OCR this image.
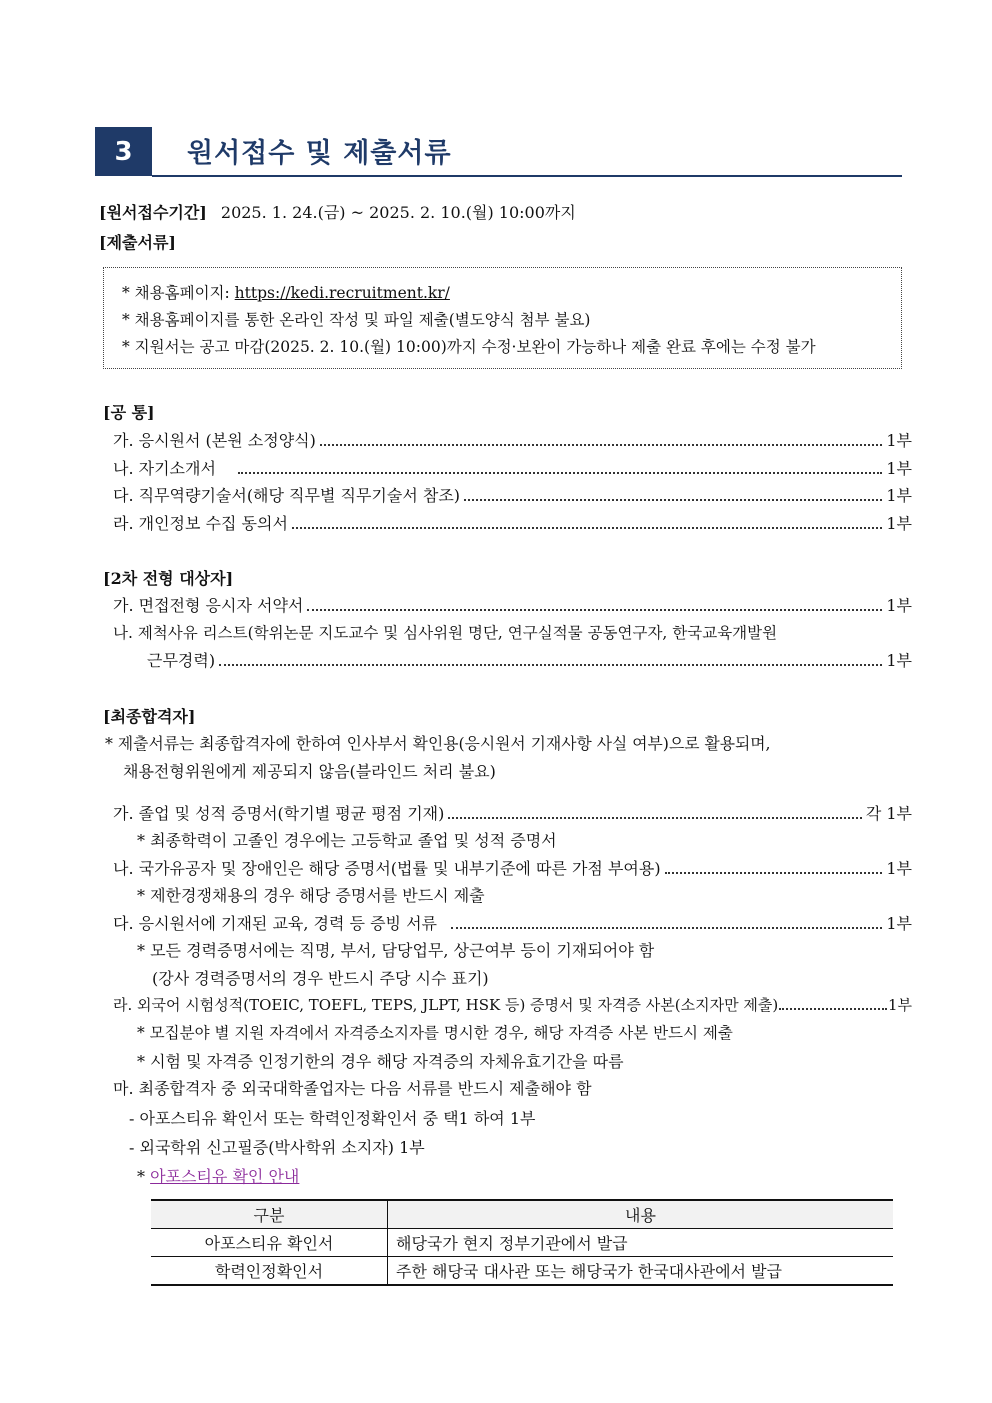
3	원서접수 및 제출서류
[원서접수기간] 2025. 1. 24.(금) ~ 2025. 2. 10.(월) 10:00까지
[제출서류]
* 채용홈페이지: https://kedi.recruitment.kr/
* 채용홈페이지를 통한 온라인 작성 및 파일 제출(별도양식 첨부 불요)
* 지원서는 공고 마감(2025. 2. 10.(월) 10:00)까지 수정·보완이 가능하나 제출 완료 후에는 수정 불가
[공 통]
가. 응시원서 (본원 소정양식)	1부
나. 자기소개서	1부
다. 직무역량기술서(해당 직무별 직무기술서 참조)	1부
라. 개인정보 수집 동의서	1부
[2차 전형 대상자]
가. 면접전형 응시자 서약서	1부
나. 제척사유 리스트(학위논문 지도교수 및 심사위원 명단, 연구실적물 공동연구자, 한국교육개발원
근무경력)	1부
[최종합격자]
* 제출서류는 최종합격자에 한하여 인사부서 확인용(응시원서 기재사항 사실 여부)으로 활용되며,
채용전형위원에게 제공되지 않음(블라인드 처리 불요)
가. 졸업 및 성적 증명서(학기별 평균 평점 기재)	각 1부
* 최종학력이 고졸인 경우에는 고등학교 졸업 및 성적 증명서
나. 국가유공자 및 장애인은 해당 증명서(법률 및 내부기준에 따른 가점 부여용)	1부
* 제한경쟁채용의 경우 해당 증명서를 반드시 제출
다. 응시원서에 기재된 교육, 경력 등 증빙 서류	1부
* 모든 경력증명서에는 직명, 부서, 담당업무, 상근여부 등이 기재되어야 함
(강사 경력증명서의 경우 반드시 주당 시수 표기)
라. 외국어 시험성적(TOEIC, TOEFL, TEPS, JLPT, HSK 등) 증명서 및 자격증 사본(소지자만 제출)	1부
* 모집분야 별 지원 자격에서 자격증소지자를 명시한 경우, 해당 자격증 사본 반드시 제출
* 시험 및 자격증 인정기한의 경우 해당 자격증의 자체유효기간을 따름
마. 최종합격자 중 외국대학졸업자는 다음 서류를 반드시 제출해야 함
- 아포스티유 확인서 또는 학력인정확인서 중 택1 하여 1부
- 외국학위 신고필증(박사학위 소지자) 1부
* 아포스티유 확인 안내
구분	내용
아포스티유 확인서	해당국가 현지 정부기관에서 발급
학력인정확인서	주한 해당국 대사관 또는 해당국가 한국대사관에서 발급
